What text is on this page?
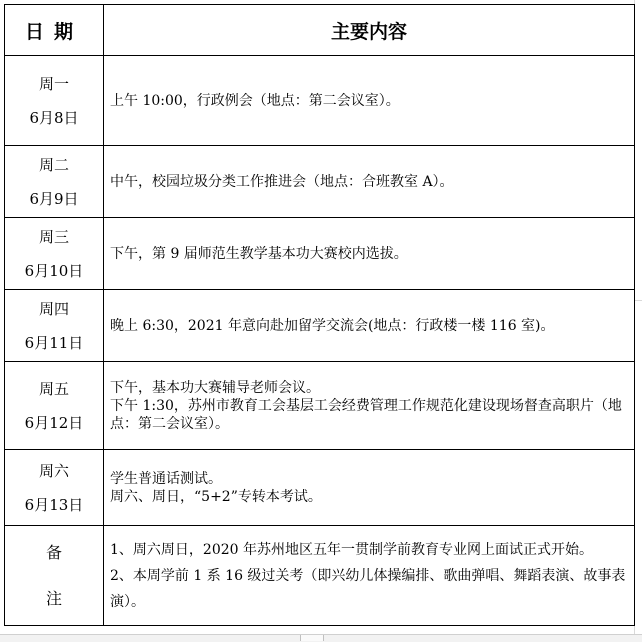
日期	主要内容

周一
6月8日	上午 10:00，行政例会（地点：第二会议室）。

周二
6月9日	中午，校园垃圾分类工作推进会（地点：合班教室 A）。

周三
6月10日	下午，第 9 届师范生教学基本功大赛校内选拔。

周四
6月11日	晚上 6:30，2021 年意向赴加留学交流会(地点：行政楼一楼 116 室)。

周五
6月12日	下午，基本功大赛辅导老师会议。
下午 1:30，苏州市教育工会基层工会经费管理工作规范化建设现场督查高职片（地点：第二会议室）。

周六
6月13日	学生普通话测试。
周六、周日，“5+2”专转本考试。

备
注	1、周六周日，2020 年苏州地区五年一贯制学前教育专业网上面试正式开始。
2、本周学前 1 系 16 级过关考（即兴幼儿体操编排、歌曲弹唱、舞蹈表演、故事表演）。
